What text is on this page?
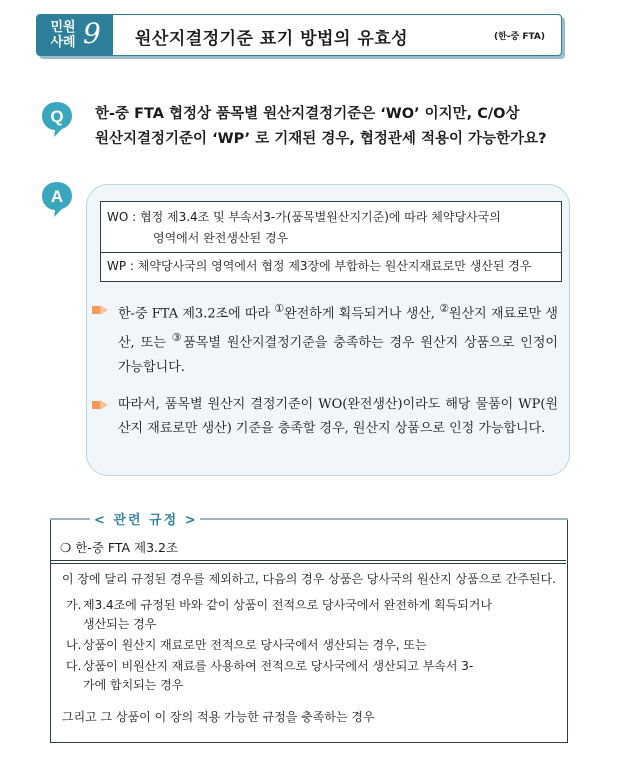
민원
사례 9 원산지결정기준 표기 방법의 유효성	(한-중 FTA)
Q 한-중 FTA 협정상 품목별 원산지결정기준은 ‘WO’ 이지만, C/O상
원산지결정기준이 ‘WP’ 로 기재된 경우, 협정관세 적용이 가능한가요?
A
WO : 협정 제3.4조 및 부속서3-가(품목별원산지기준)에 따라 체약당사국의
영역에서 완전생산된 경우
WP : 체약당사국의 영역에서 협정 제3장에 부합하는 원산지재료로만 생산된 경우
한-중 FTA 제3.2조에 따라 ①완전하게 획득되거나 생산, ②원산지 재료로만 생산, 또는 ③품목별 원산지결정기준을 충족하는 경우 원산지 상품으로 인정이 가능합니다.
따라서, 품목별 원산지 결정기준이 WO(완전생산)이라도 해당 물품이 WP(원산지 재료로만 생산) 기준을 충족할 경우, 원산지 상품으로 인정 가능합니다.
< 관련 규정 >
❍ 한-중 FTA 제3.2조
이 장에 달리 규정된 경우를 제외하고, 다음의 경우 상품은 당사국의 원산지 상품으로 간주된다.
가. 제3.4조에 규정된 바와 같이 상품이 전적으로 당사국에서 완전하게 획득되거나
생산되는 경우
나. 상품이 원산지 재료로만 전적으로 당사국에서 생산되는 경우, 또는
다. 상품이 비원산지 재료를 사용하여 전적으로 당사국에서 생산되고 부속서 3-
가에 합치되는 경우
그리고 그 상품이 이 장의 적용 가능한 규정을 충족하는 경우
